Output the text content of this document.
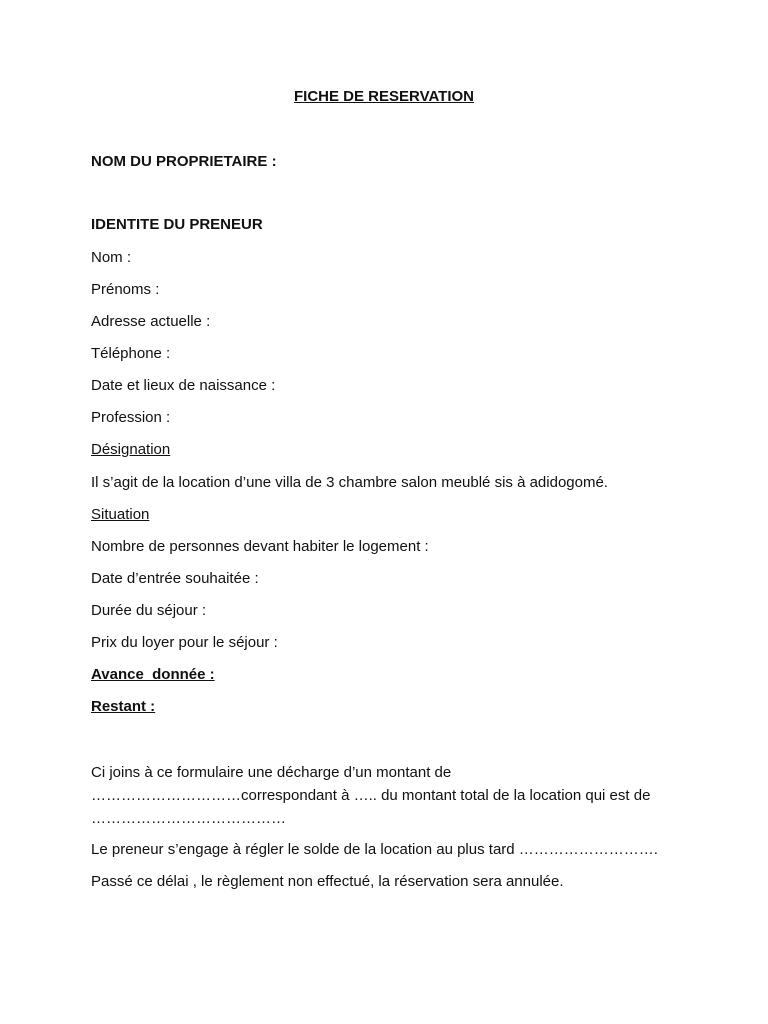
FICHE DE RESERVATION
NOM DU PROPRIETAIRE :
IDENTITE DU PRENEUR
Nom :
Prénoms :
Adresse actuelle :
Téléphone :
Date et lieux de naissance :
Profession :
Désignation
Il s’agit de la location d’une villa de 3 chambre salon meublé sis à adidogomé.
Situation
Nombre de personnes devant habiter le logement :
Date d’entrée souhaitée :
Durée du séjour :
Prix du loyer pour le séjour :
Avance  donnée :
Restant :
Ci joins à ce formulaire une décharge d’un montant de
…………………………correspondant à ….. du montant total de la location qui est de
…………………………………
Le preneur s’engage à régler le solde de la location au plus tard ……………………….
Passé ce délai , le règlement non effectué, la réservation sera annulée.
